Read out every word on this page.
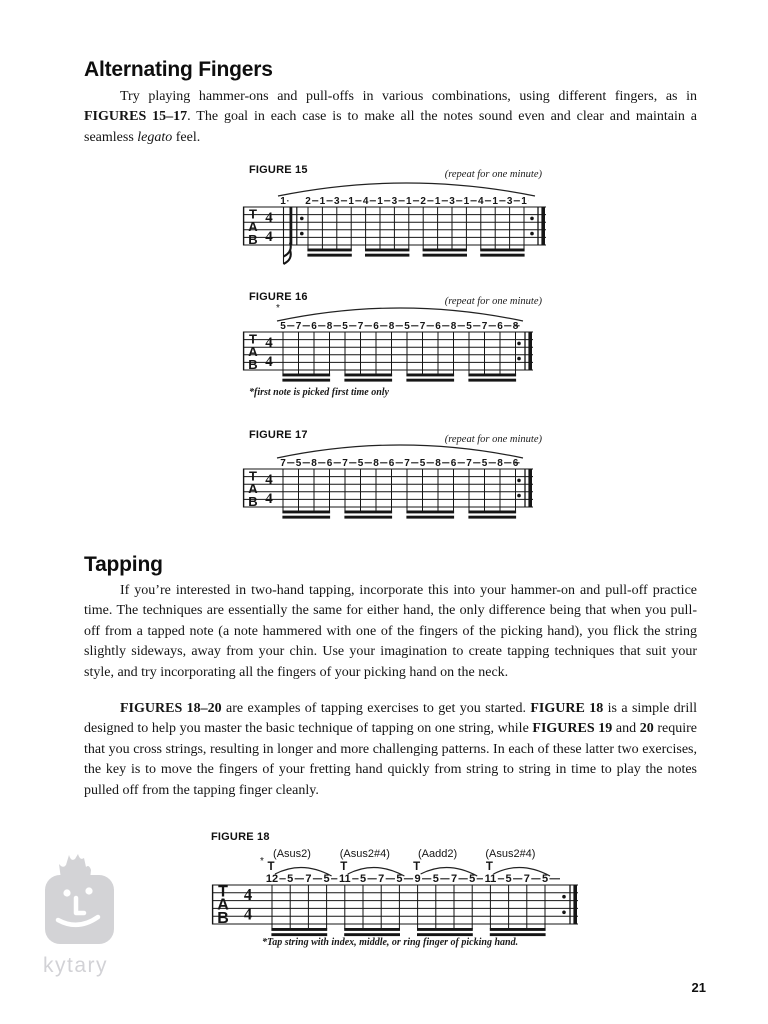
T
A
B
4
4
2 1 3 1 4 1 3 1 2 1 3 1 4 1 3 1
1
T
A
B
4
4
5 7 6 8 5 7 6 8 5 7 6 8 5 7 6 8
*
T
A
B
4
4
7 5 8 6 7 5 8 6 7 5 8 6 7 5 8 6
T
A
B
4
4
12 5 7 5 11 5 7 5 9 5 7 5 11 5 7 5
(Asus2)
T
(Asus2#4)
T
(Aadd2)
T
(Asus2#4)
T
*
Alternating Fingers
Try playing hammer-ons and pull-offs in various combinations, using different fingers, as in FIGURES 15–17. The goal in each case is to make all the notes sound even and clear and maintain a seamless legato feel.
FIGURE 15	(repeat for one minute)
FIGURE 16	(repeat for one minute)
*first note is picked first time only
FIGURE 17	(repeat for one minute)
Tapping
If you’re interested in two-hand tapping, incorporate this into your hammer-on and pull-off practice time. The techniques are essentially the same for either hand, the only difference being that when you pull-off from a tapped note (a note hammered with one of the fingers of the picking hand), you flick the string slightly sideways, away from your chin. Use your imagination to create tapping techniques that suit your style, and try incorporating all the fingers of your picking hand on the neck.
FIGURES 18–20 are examples of tapping exercises to get you started. FIGURE 18 is a simple drill designed to help you master the basic technique of tapping on one string, while FIGURES 19 and 20 require that you cross strings, resulting in longer and more challenging patterns. In each of these latter two exercises, the key is to move the fingers of your fretting hand quickly from string to string in time to play the notes pulled off from the tapping finger cleanly.
FIGURE 18
*Tap string with index, middle, or ring finger of picking hand.
kytary
21
